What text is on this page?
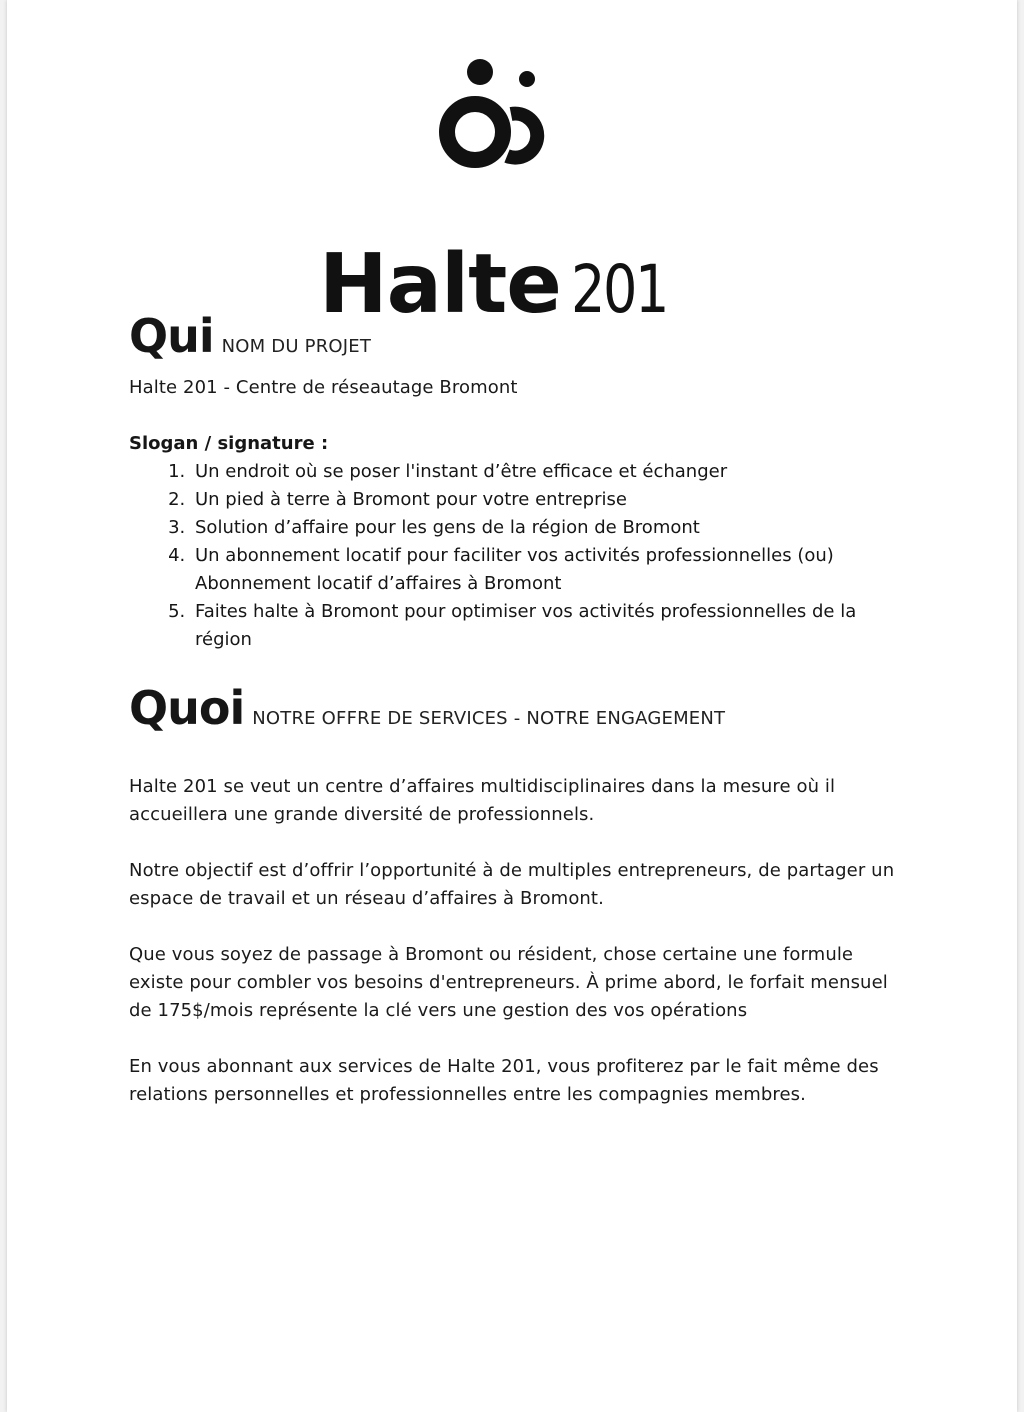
Halte 201
Qui NOM DU PROJET

Halte 201 - Centre de réseautage Bromont

Slogan / signature :
1. Un endroit où se poser l'instant d’être efficace et échanger
2. Un pied à terre à Bromont pour votre entreprise
3. Solution d’affaire pour les gens de la région de Bromont
4. Un abonnement locatif pour faciliter vos activités professionnelles (ou) Abonnement locatif d’affaires à Bromont
5. Faites halte à Bromont pour optimiser vos activités professionnelles de la région
Quoi NOTRE OFFRE DE SERVICES - NOTRE ENGAGEMENT

Halte 201 se veut un centre d’affaires multidisciplinaires dans la mesure où il accueillera une grande diversité de professionnels.

Notre objectif est d’offrir l’opportunité à de multiples entrepreneurs, de partager un espace de travail et un réseau d’affaires à Bromont.

Que vous soyez de passage à Bromont ou résident, chose certaine une formule existe pour combler vos besoins d'entrepreneurs. À prime abord, le forfait mensuel de 175$/mois représente la clé vers une gestion des vos opérations

En vous abonnant aux services de Halte 201, vous profiterez par le fait même des relations personnelles et professionnelles entre les compagnies membres.
